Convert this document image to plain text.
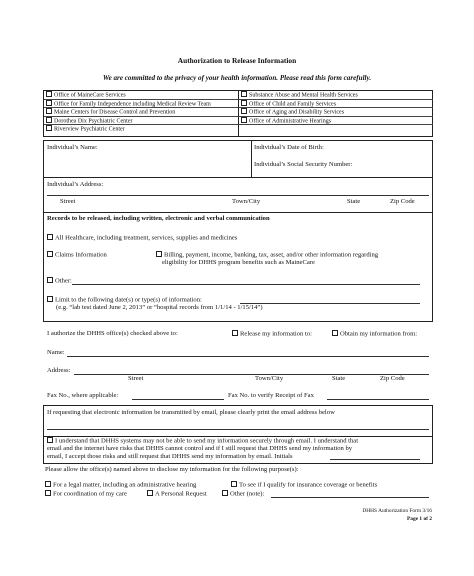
Authorization to Release Information
We are committed to the privacy of your health information. Please read this form carefully.
Office of MaineCare Services
Office for Family Independence including Medical Review Team
Maine Centers for Disease Control and Prevention
Dorothea Dix Psychiatric Center
Riverview Psychiatric Center
Substance Abuse and Mental Health Services
Office of Child and Family Services
Office of Aging and Disability Services
Office of Administrative Hearings
Individual’s Name:	Individual’s Date of Birth:
Individual’s Social Security Number:
Individual’s Address:
Street	Town/City	State	Zip Code
Records to be released, including written, electronic and verbal communication
All Healthcare, including treatment, services, supplies and medicines
Claims Information	Billing, payment, income, banking, tax, asset, and/or other information regarding
eligibility for DHHS program benefits such as MaineCare
Other:
Limit to the following date(s) or type(s) of information:
(e.g. “lab test dated June 2, 2013” or “hospital records from 1/1/14 - 1/15/14”)
I authorize the DHHS office(s) checked above to:	Release my information to:	Obtain my information from:
Name:
Address:
Street	Town/City	State	Zip Code
Fax No., where applicable:	Fax No. to verify Receipt of Fax
If requesting that electronic information be transmitted by email, please clearly print the email address below
I understand that DHHS systems may not be able to send my information securely through email. I understand that
email and the internet have risks that DHHS cannot control and if I still request that DHHS send my information by
email, I accept those risks and still request that DHHS send my information by email. Initials
Please allow the office(s) named above to disclose my information for the following purpose(s):
For a legal matter, including an administrative hearing	To see if I qualify for insurance coverage or benefits
For coordination of my care	A Personal Request	Other (note):
DHHS Authorization Form 3/16
Page 1 of 2
